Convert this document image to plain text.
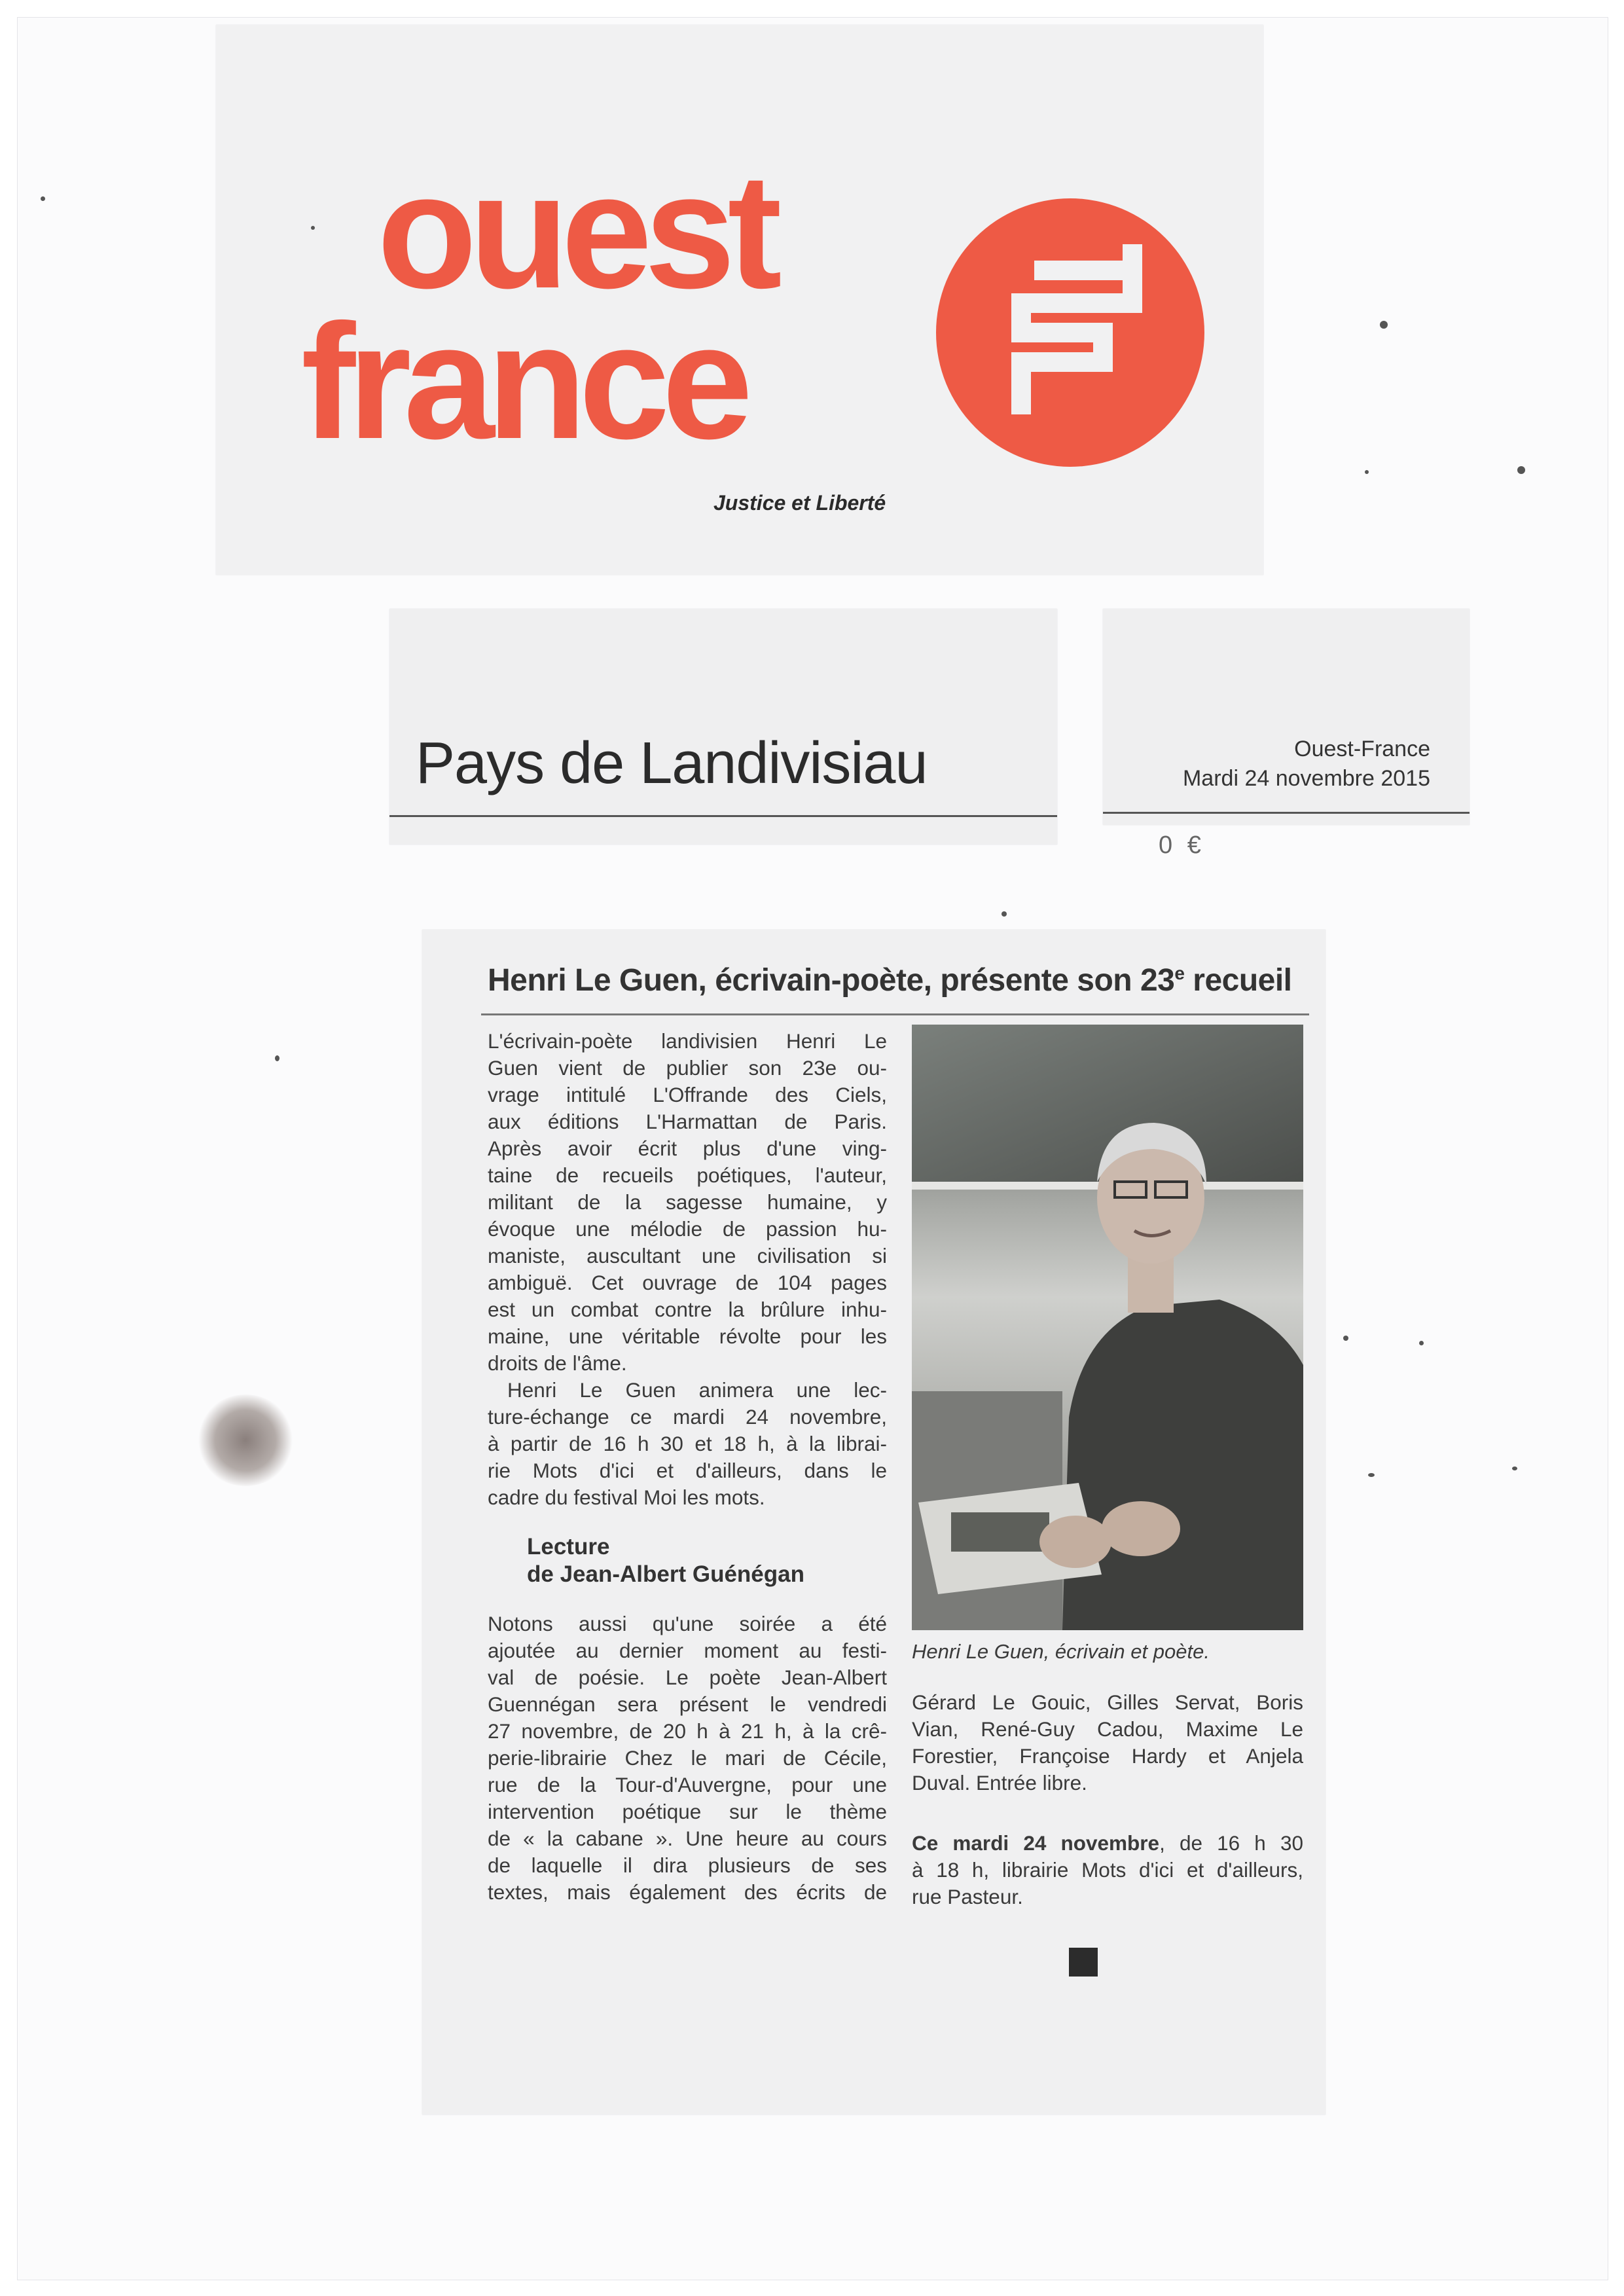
ouest
france
Justice et Liberté
Pays de Landivisiau	Ouest-France
Mardi 24 novembre 2015
0 €
Henri Le Guen, écrivain-poète, présente son 23e recueil
L'écrivain-poète landivisien Henri Le
Guen vient de publier son 23e ou-
vrage intitulé L'Offrande des Ciels,
aux éditions L'Harmattan de Paris.
Après avoir écrit plus d'une ving-
taine de recueils poétiques, l'auteur,
militant de la sagesse humaine, y
évoque une mélodie de passion hu-
maniste, auscultant une civilisation si
ambiguë. Cet ouvrage de 104 pages
est un combat contre la brûlure inhu-
maine, une véritable révolte pour les
droits de l'âme.
Henri Le Guen animera une lec-
ture-échange ce mardi 24 novembre,
à partir de 16 h 30 et 18 h, à la librai-
rie Mots d'ici et d'ailleurs, dans le
cadre du festival Moi les mots.
Lecture
de Jean-Albert Guénégan
Notons aussi qu'une soirée a été
ajoutée au dernier moment au festi-
val de poésie. Le poète Jean-Albert
Guennégan sera présent le vendredi
27 novembre, de 20 h à 21 h, à la crê-
perie-librairie Chez le mari de Cécile,
rue de la Tour-d'Auvergne, pour une
intervention poétique sur le thème
de « la cabane ». Une heure au cours
de laquelle il dira plusieurs de ses
textes, mais également des écrits de
Henri Le Guen, écrivain et poète.
Gérard Le Gouic, Gilles Servat, Boris
Vian, René-Guy Cadou, Maxime Le
Forestier, Françoise Hardy et Anjela
Duval. Entrée libre.
Ce mardi 24 novembre, de 16 h 30
à 18 h, librairie Mots d'ici et d'ailleurs,
rue Pasteur.
